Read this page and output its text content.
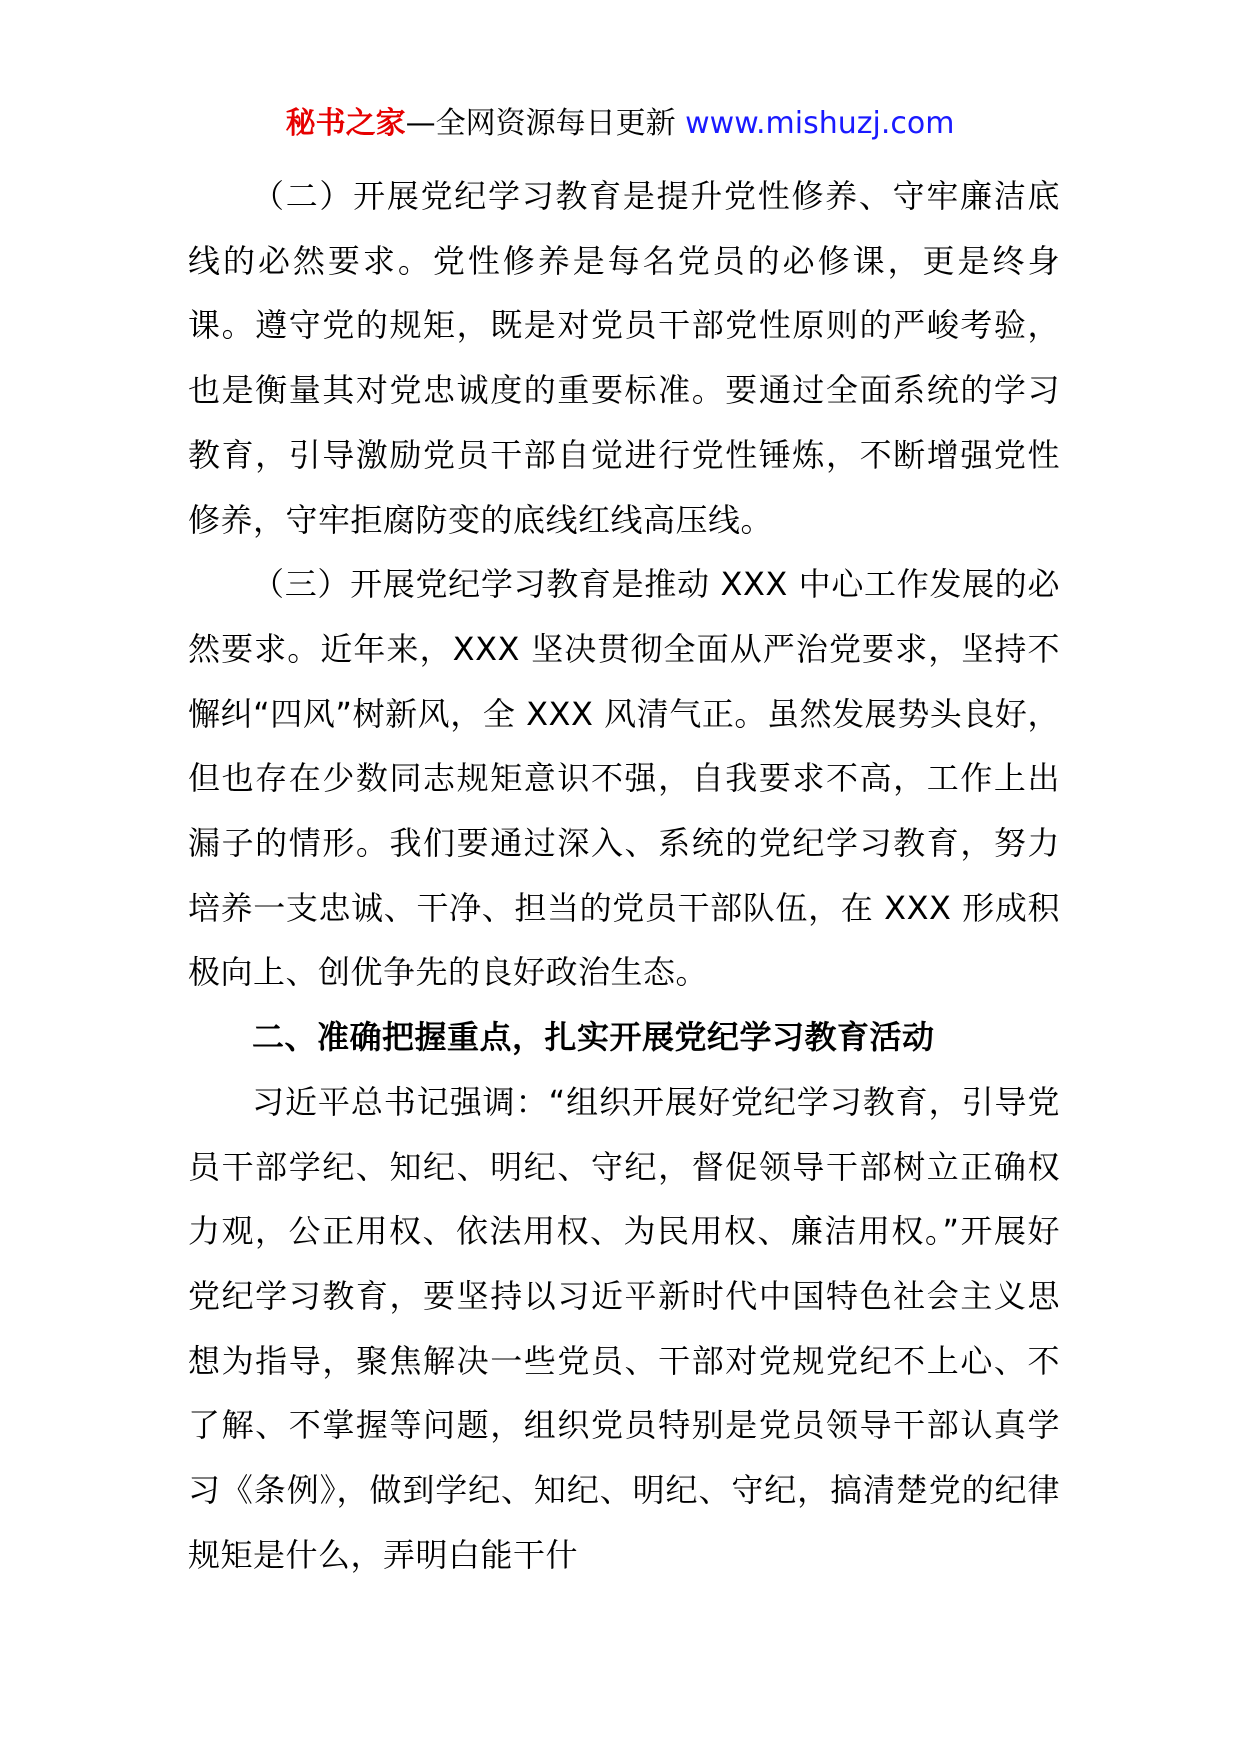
秘书之家—全网资源每日更新 www.mishuzj.com

（二）开展党纪学习教育是提升党性修养、守牢廉洁底线的必然要求。党性修养是每名党员的必修课，更是终身课。遵守党的规矩，既是对党员干部党性原则的严峻考验，也是衡量其对党忠诚度的重要标准。要通过全面系统的学习教育，引导激励党员干部自觉进行党性锤炼，不断增强党性修养，守牢拒腐防变的底线红线高压线。

（三）开展党纪学习教育是推动 XXX 中心工作发展的必然要求。近年来，XXX 坚决贯彻全面从严治党要求，坚持不懈纠“四风”树新风，全 XXX 风清气正。虽然发展势头良好，但也存在少数同志规矩意识不强，自我要求不高，工作上出漏子的情形。我们要通过深入、系统的党纪学习教育，努力培养一支忠诚、干净、担当的党员干部队伍，在 XXX 形成积极向上、创优争先的良好政治生态。

二、准确把握重点，扎实开展党纪学习教育活动

习近平总书记强调：“组织开展好党纪学习教育，引导党员干部学纪、知纪、明纪、守纪，督促领导干部树立正确权力观，公正用权、依法用权、为民用权、廉洁用权。”开展好党纪学习教育，要坚持以习近平新时代中国特色社会主义思想为指导，聚焦解决一些党员、干部对党规党纪不上心、不了解、不掌握等问题，组织党员特别是党员领导干部认真学习《条例》，做到学纪、知纪、明纪、守纪，搞清楚党的纪律规矩是什么，弄明白能干什
